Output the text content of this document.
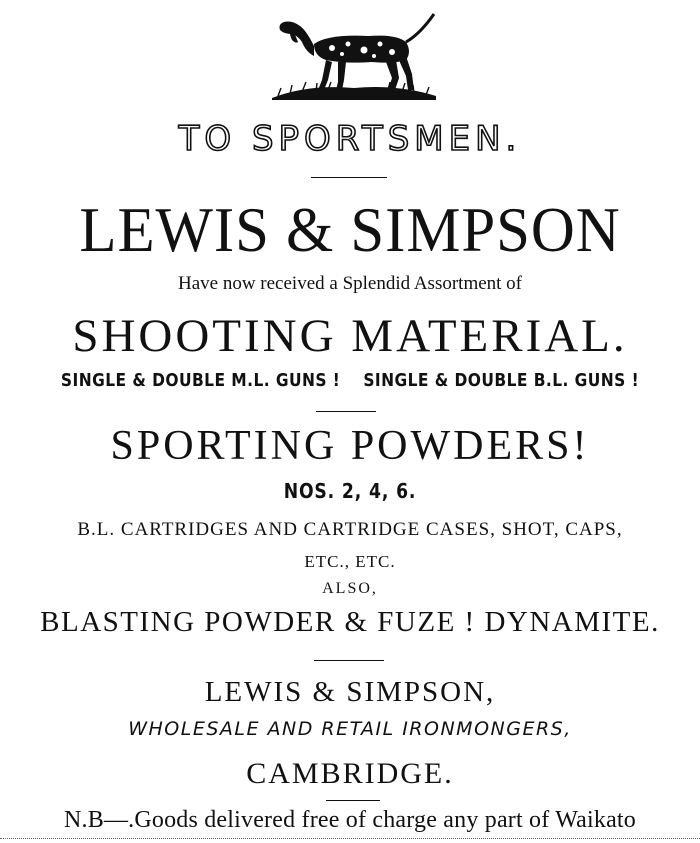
TO SPORTSMEN.
LEWIS & SIMPSON
Have now received a Splendid Assortment of
SHOOTING MATERIAL.
SINGLE & DOUBLE M.L. GUNS ! SINGLE & DOUBLE B.L. GUNS !
SPORTING POWDERS!
NOS. 2, 4, 6.
B.L. CARTRIDGES AND CARTRIDGE CASES, SHOT, CAPS,
ETC., ETC.
ALSO,
BLASTING POWDER & FUZE ! DYNAMITE.
LEWIS & SIMPSON,
WHOLESALE AND RETAIL IRONMONGERS,
CAMBRIDGE.
N.B—.Goods delivered free of charge any part of Waikato
